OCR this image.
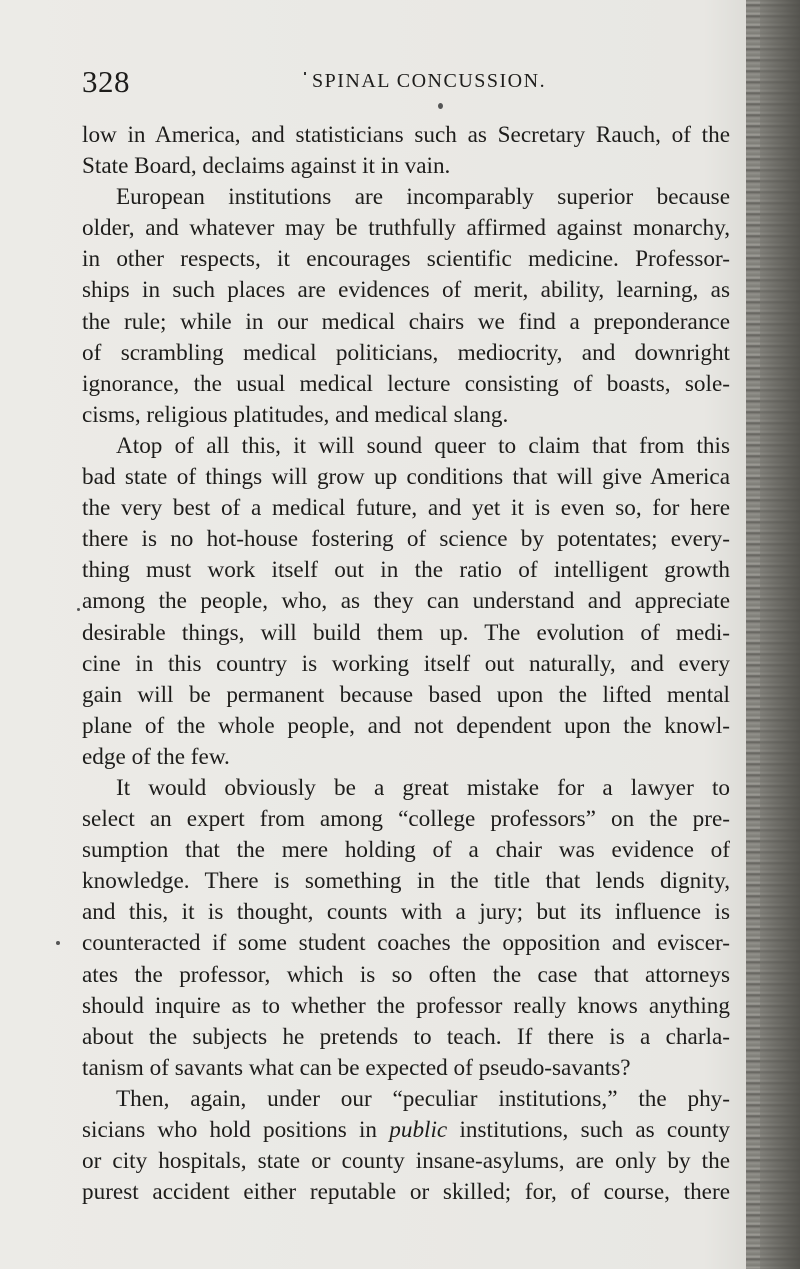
328	SPINAL CONCUSSION.
low in America, and statisticians such as Secretary Rauch, of the
State Board, declaims against it in vain.
European institutions are incomparably superior because
older, and whatever may be truthfully affirmed against monarchy,
in other respects, it encourages scientific medicine. Professor-
ships in such places are evidences of merit, ability, learning, as
the rule; while in our medical chairs we find a preponderance
of scrambling medical politicians, mediocrity, and downright
ignorance, the usual medical lecture consisting of boasts, sole-
cisms, religious platitudes, and medical slang.
Atop of all this, it will sound queer to claim that from this
bad state of things will grow up conditions that will give America
the very best of a medical future, and yet it is even so, for here
there is no hot-house fostering of science by potentates; every-
thing must work itself out in the ratio of intelligent growth
among the people, who, as they can understand and appreciate
desirable things, will build them up. The evolution of medi-
cine in this country is working itself out naturally, and every
gain will be permanent because based upon the lifted mental
plane of the whole people, and not dependent upon the knowl-
edge of the few.
It would obviously be a great mistake for a lawyer to
select an expert from among “college professors” on the pre-
sumption that the mere holding of a chair was evidence of
knowledge. There is something in the title that lends dignity,
and this, it is thought, counts with a jury; but its influence is
counteracted if some student coaches the opposition and eviscer-
ates the professor, which is so often the case that attorneys
should inquire as to whether the professor really knows anything
about the subjects he pretends to teach. If there is a charla-
tanism of savants what can be expected of pseudo-savants?
Then, again, under our “peculiar institutions,” the phy-
sicians who hold positions in public institutions, such as county
or city hospitals, state or county insane-asylums, are only by the
purest accident either reputable or skilled; for, of course, there
